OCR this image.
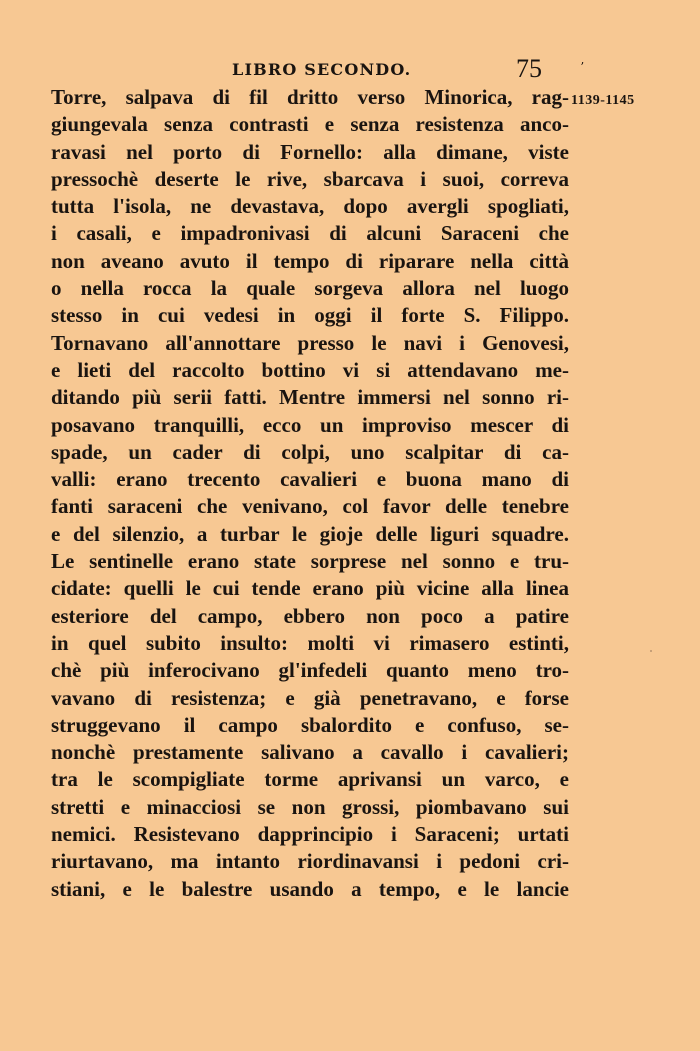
LIBRO SECONDO.	75	ʼ
1139-1145
Torre, salpava di fil dritto verso Minorica, rag-
giungevala senza contrasti e senza resistenza anco-
ravasi nel porto di Fornello: alla dimane, viste
pressochè deserte le rive, sbarcava i suoi, correva
tutta l'isola, ne devastava, dopo avergli spogliati,
i casali, e impadronivasi di alcuni Saraceni che
non aveano avuto il tempo di riparare nella città
o nella rocca la quale sorgeva allora nel luogo
stesso in cui vedesi in oggi il forte S. Filippo.
Tornavano all'annottare presso le navi i Genovesi,
e lieti del raccolto bottino vi si attendavano me-
ditando più serii fatti. Mentre immersi nel sonno ri-
posavano tranquilli, ecco un improviso mescer di
spade, un cader di colpi, uno scalpitar di ca-
valli: erano trecento cavalieri e buona mano di
fanti saraceni che venivano, col favor delle tenebre
e del silenzio, a turbar le gioje delle liguri squadre.
Le sentinelle erano state sorprese nel sonno e tru-
cidate: quelli le cui tende erano più vicine alla linea
esteriore del campo, ebbero non poco a patire
in quel subito insulto: molti vi rimasero estinti,
chè più inferocivano gl'infedeli quanto meno tro-
vavano di resistenza; e già penetravano, e forse
struggevano il campo sbalordito e confuso, se-
nonchè prestamente salivano a cavallo i cavalieri;
tra le scompigliate torme aprivansi un varco, e
stretti e minacciosi se non grossi, piombavano sui
nemici. Resistevano dapprincipio i Saraceni; urtati
riurtavano, ma intanto riordinavansi i pedoni cri-
stiani, e le balestre usando a tempo, e le lancie
